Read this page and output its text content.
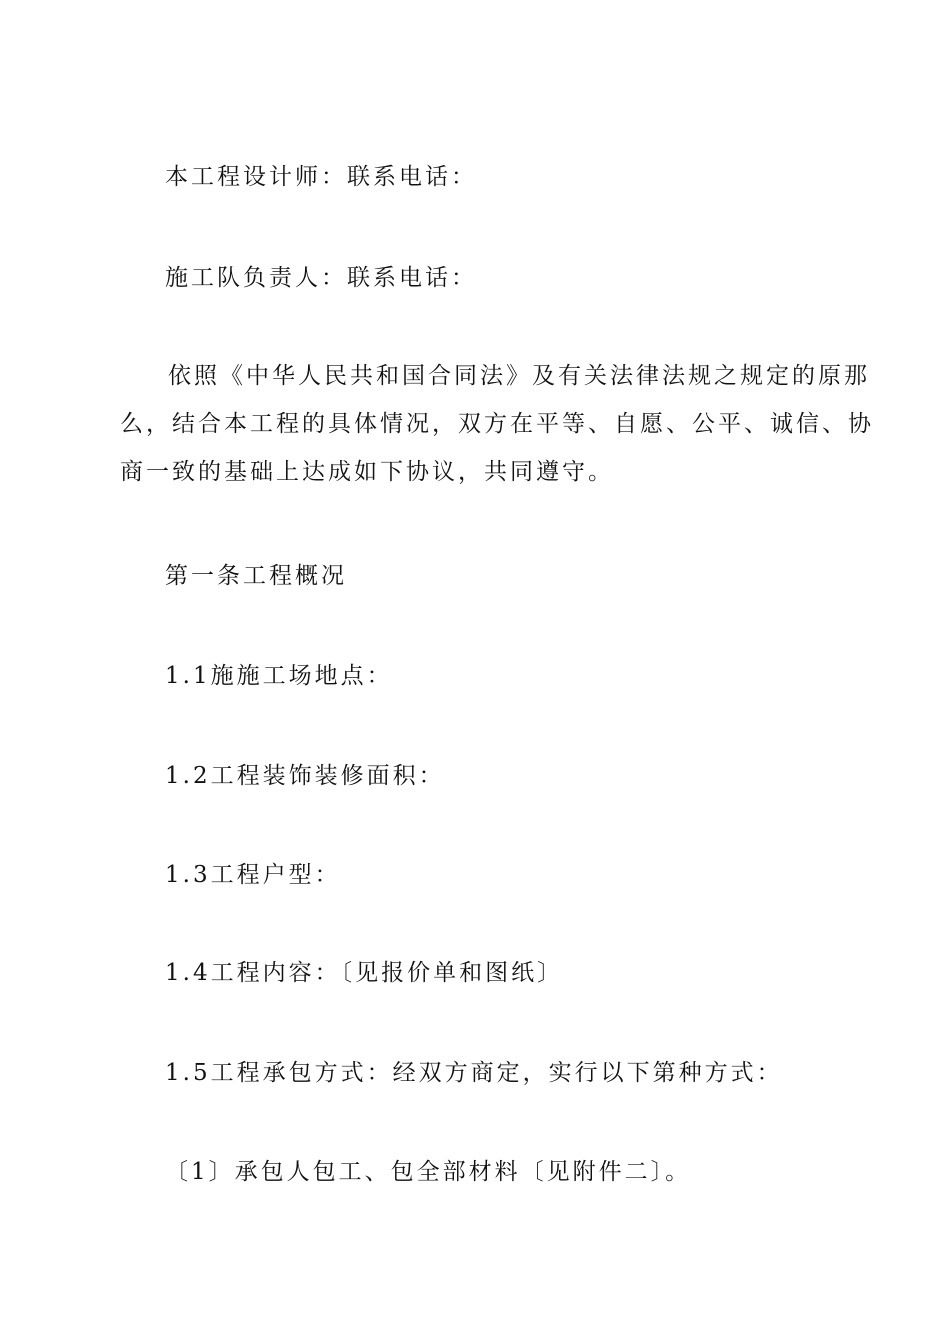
本工程设计师：联系电话：
施工队负责人：联系电话：
依照《中华人民共和国合同法》及有关法律法规之规定的原那
么，结合本工程的具体情况，双方在平等、自愿、公平、诚信、协
商一致的基础上达成如下协议，共同遵守。
第一条工程概况
1.1施施工场地点：
1.2工程装饰装修面积：
1.3工程户型：
1.4工程内容：〔见报价单和图纸〕
1.5工程承包方式：经双方商定，实行以下第种方式：
〔1〕承包人包工、包全部材料〔见附件二〕。
